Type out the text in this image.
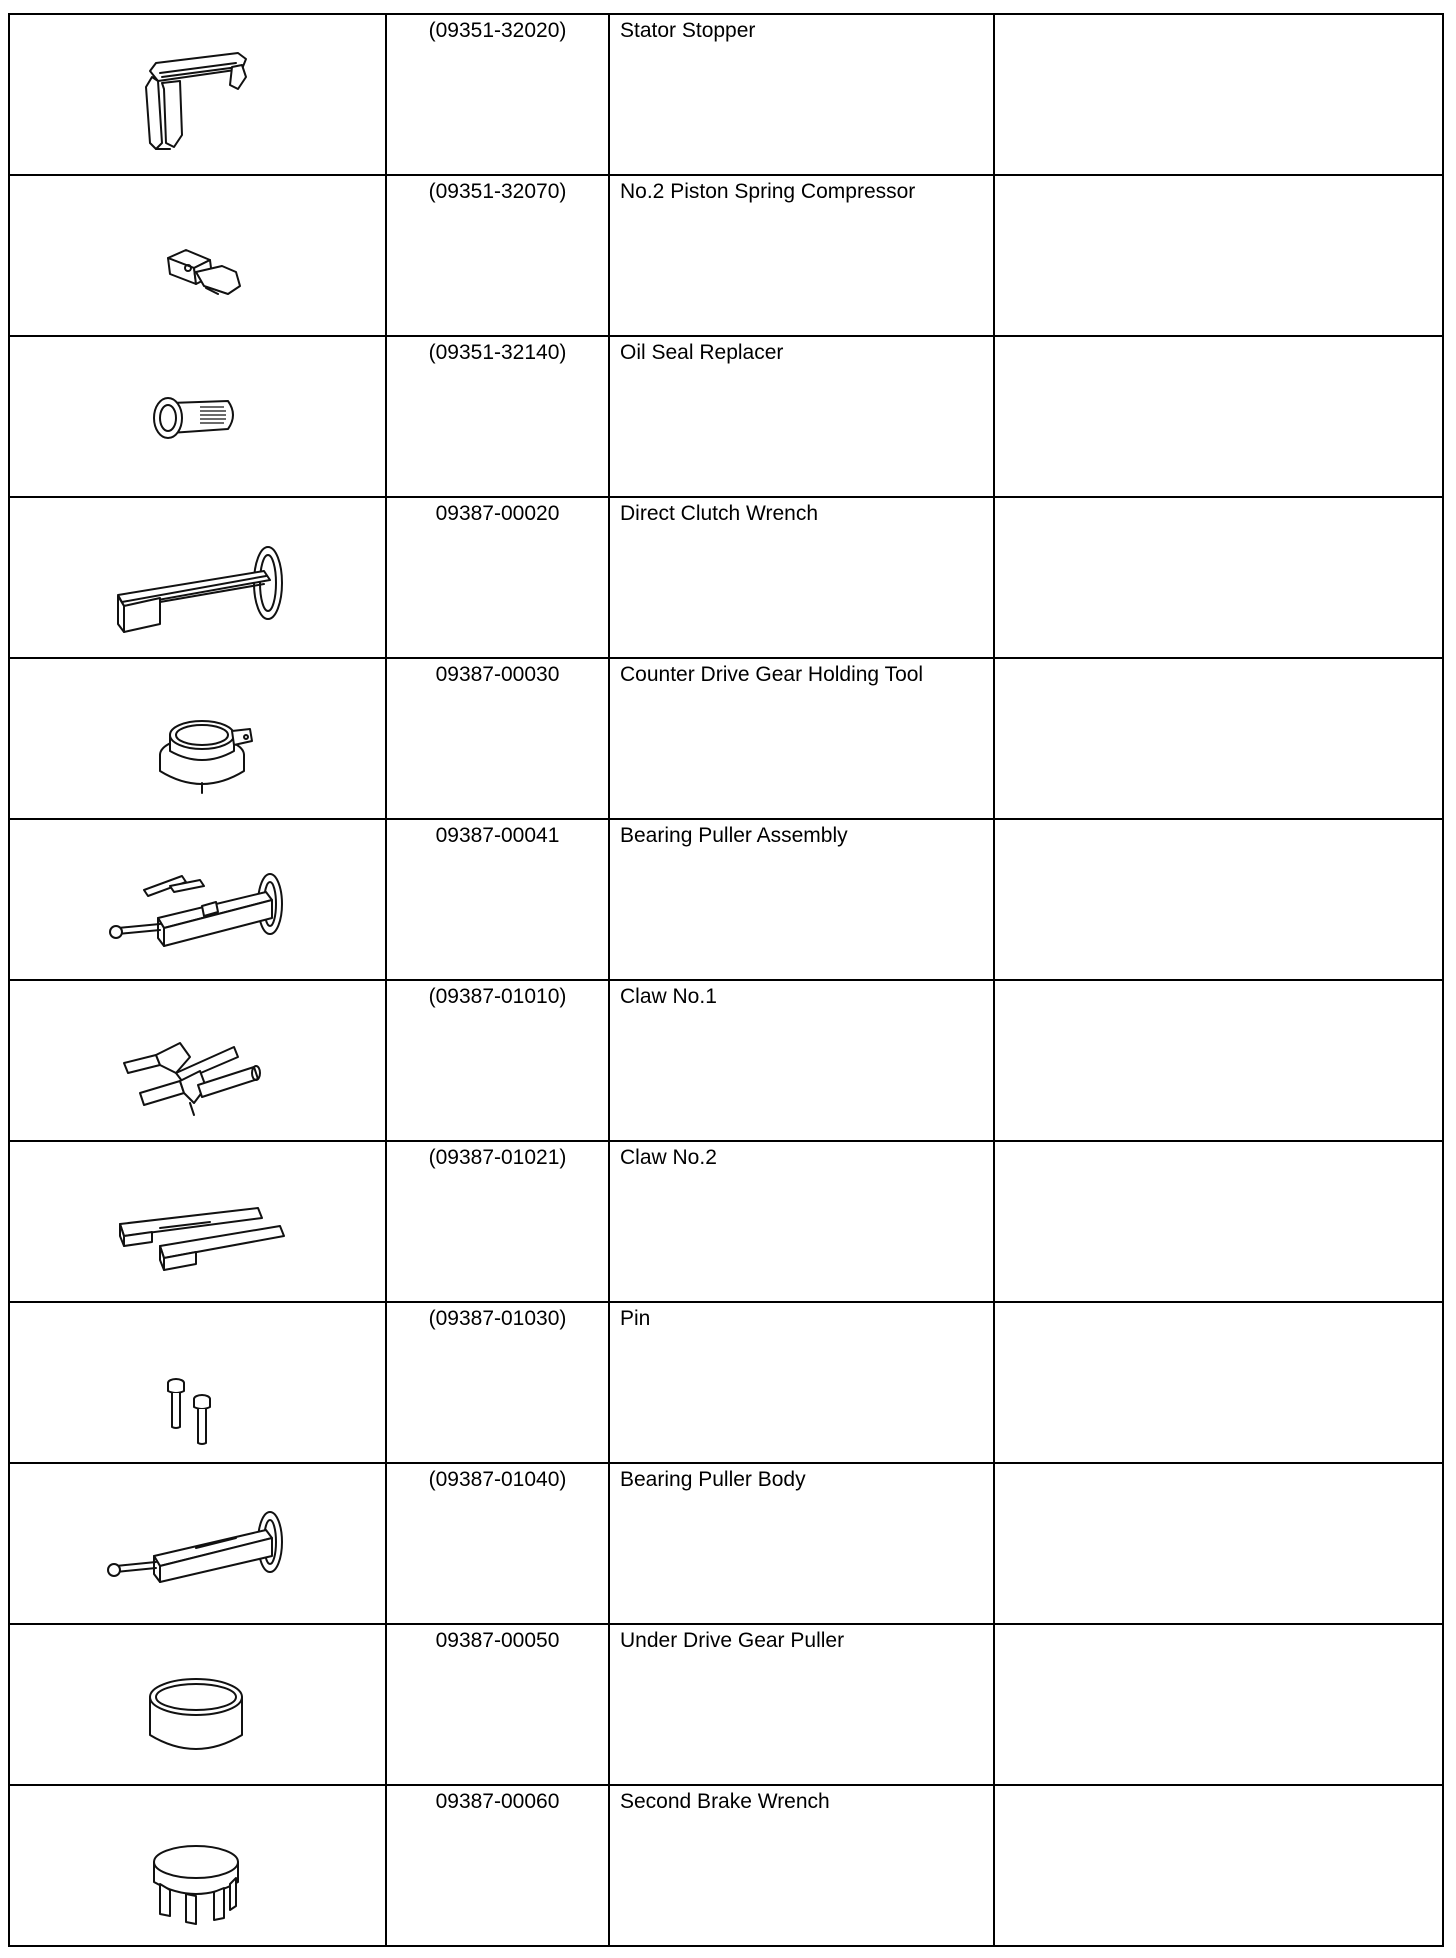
(09351-32020)	Stator Stopper	

(09351-32070)	No.2 Piston Spring Compressor	

(09351-32140)	Oil Seal Replacer	

09387-00020	Direct Clutch Wrench	

09387-00030	Counter Drive Gear Holding Tool	

09387-00041	Bearing Puller Assembly	

(09387-01010)	Claw No.1	

(09387-01021)	Claw No.2	

(09387-01030)	Pin	

(09387-01040)	Bearing Puller Body	

09387-00050	Under Drive Gear Puller	

09387-00060	Second Brake Wrench	
